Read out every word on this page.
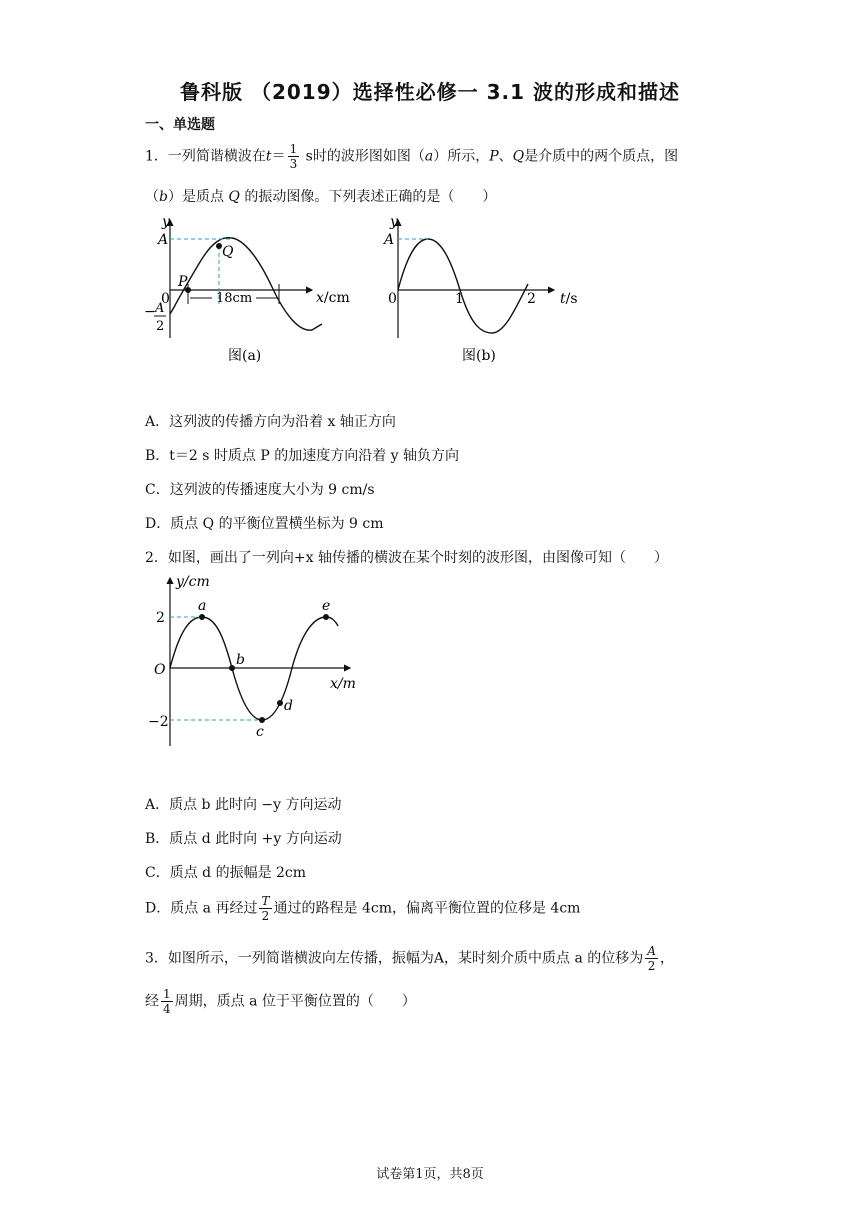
鲁科版 （2019）选择性必修一 3.1 波的形成和描述
一、单选题
1．一列简谐横波在$t= \frac{1}{3}$ s时的波形图如图（a）所示，P、Q是介质中的两个质点，图
（b）是质点 Q 的振动图像。下列表述正确的是（　　）
y
A
Q
P
0	18cm	x/cm
− A
2
图(a)
y
A
0	1	2 t/s
图(b)
A．这列波的传播方向为沿着 x 轴正方向
B．t＝2 s 时质点 P 的加速度方向沿着 y 轴负方向
C．这列波的传播速度大小为 9 cm/s
D．质点 Q 的平衡位置横坐标为 9 cm
2．如图，画出了一列向+x 轴传播的横波在某个时刻的波形图，由图像可知（　　）
y/cm
x/m
O
2
−2
a
b
c
d
e
A．质点 b 此时向 −y 方向运动
B．质点 d 此时向 +y 方向运动
C．质点 d 的振幅是 2cm
D．质点 a 再经过 $\frac{T}{2}$ 通过的路程是 4cm，偏离平衡位置的位移是 4cm
3．如图所示，一列简谐横波向左传播，振幅为A，某时刻介质中质点 a 的位移为 $\frac{A}{2}$ ，
经 $\frac{1}{4}$ 周期，质点 a 位于平衡位置的（　　）
试卷第1页，共8页
